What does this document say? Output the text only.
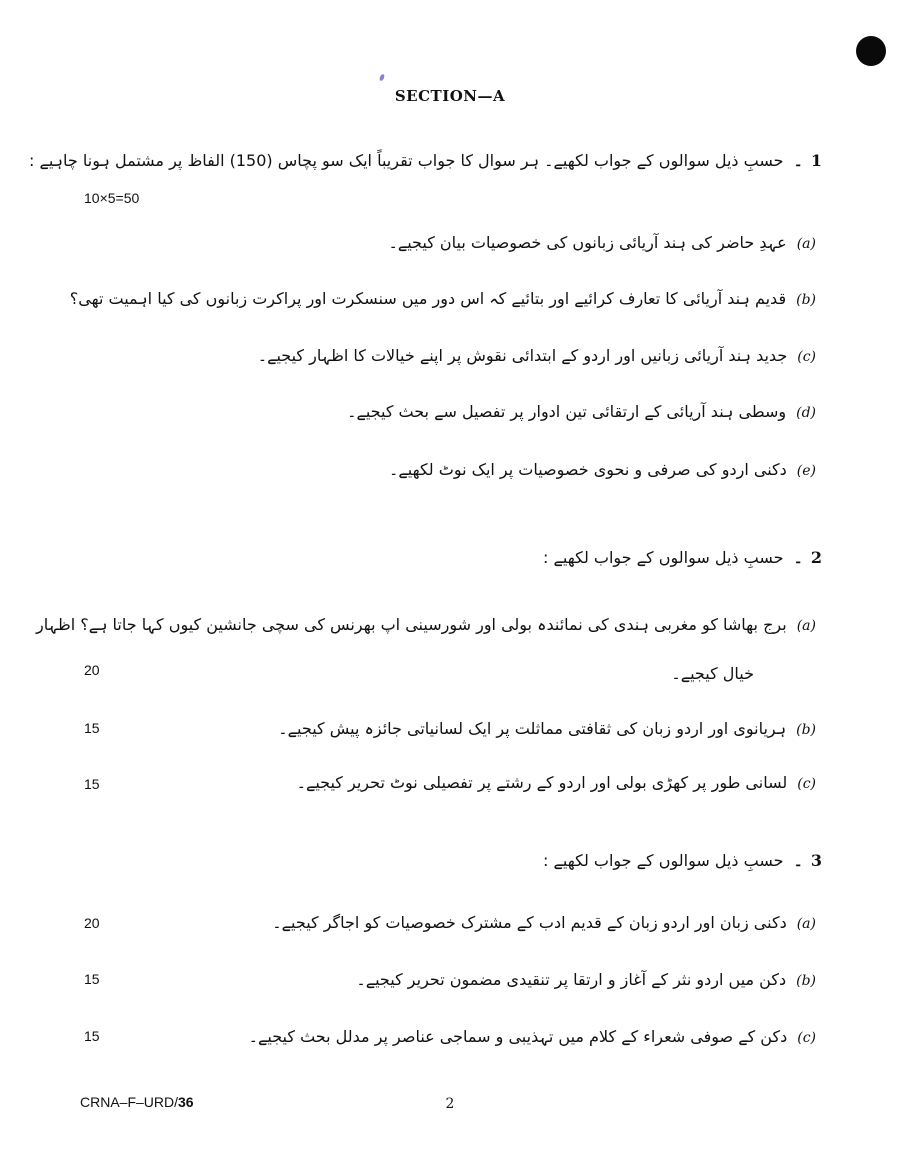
SECTION—A
1۔حسبِ ذیل سوالوں کے جواب لکھیے۔ ہر سوال کا جواب تقریباً ایک سو پچاس (150) الفاظ پر مشتمل ہونا چاہیے :
10×5=50
(a)عہدِ حاضر کی ہند آریائی زبانوں کی خصوصیات بیان کیجیے۔
(b)قدیم ہند آریائی کا تعارف کرائیے اور بتائیے کہ اس دور میں سنسکرت اور پراکرت زبانوں کی کیا اہمیت تھی؟
(c)جدید ہند آریائی زبانیں اور اردو کے ابتدائی نقوش پر اپنے خیالات کا اظہار کیجیے۔
(d)وسطی ہند آریائی کے ارتقائی تین ادوار پر تفصیل سے بحث کیجیے۔
(e)دکنی اردو کی صرفی و نحوی خصوصیات پر ایک نوٹ لکھیے۔
2۔حسبِ ذیل سوالوں کے جواب لکھیے :
(a)برج بھاشا کو مغربی ہندی کی نمائندہ بولی اور شورسینی اپ بھرنس کی سچی جانشین کیوں کہا جاتا ہے؟ اظہار
خیال کیجیے۔
20
(b)ہریانوی اور اردو زبان کی ثقافتی مماثلت پر ایک لسانیاتی جائزہ پیش کیجیے۔
15
(c)لسانی طور پر کھڑی بولی اور اردو کے رشتے پر تفصیلی نوٹ تحریر کیجیے۔
15
3۔حسبِ ذیل سوالوں کے جواب لکھیے :
(a)دکنی زبان اور اردو زبان کے قدیم ادب کے مشترک خصوصیات کو اجاگر کیجیے۔
20
(b)دکن میں اردو نثر کے آغاز و ارتقا پر تنقیدی مضمون تحریر کیجیے۔
15
(c)دکن کے صوفی شعراء کے کلام میں تہذیبی و سماجی عناصر پر مدلل بحث کیجیے۔
15
CRNA–F–URD/36	2
